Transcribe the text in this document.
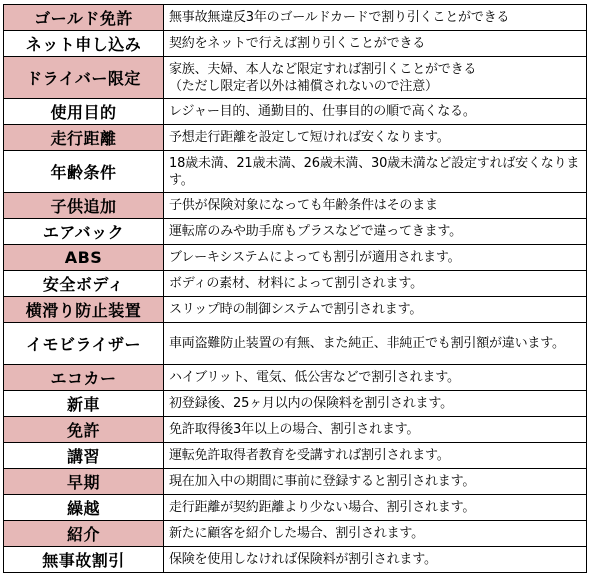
ゴールド免許	無事故無違反3年のゴールドカードで割り引くことができる
ネット申し込み	契約をネットで行えば割り引くことができる
ドライバー限定	家族、夫婦、本人など限定すれば割引くことができる
（ただし限定者以外は補償されないので注意）
使用目的	レジャー目的、通勤目的、仕事目的の順で高くなる。
走行距離	予想走行距離を設定して短ければ安くなります。
年齢条件	18歳未満、21歳未満、26歳未満、30歳未満など設定すれば安くなります。
子供追加	子供が保険対象になっても年齢条件はそのまま
エアバック	運転席のみや助手席もプラスなどで違ってきます。
ABS	ブレーキシステムによっても割引が適用されます。
安全ボディ	ボディの素材、材料によって割引されます。
横滑り防止装置	スリップ時の制御システムで割引されます。
イモビライザー	車両盗難防止装置の有無、また純正、非純正でも割引額が違います。
エコカー	ハイブリット、電気、低公害などで割引されます。
新車	初登録後、25ヶ月以内の保険料を割引されます。
免許	免許取得後3年以上の場合、割引されます。
講習	運転免許取得者教育を受講すれば割引されます。
早期	現在加入中の期間に事前に登録すると割引されます。
繰越	走行距離が契約距離より少ない場合、割引されます。
紹介	新たに顧客を紹介した場合、割引されます。
無事故割引	保険を使用しなければ保険料が割引されます。
